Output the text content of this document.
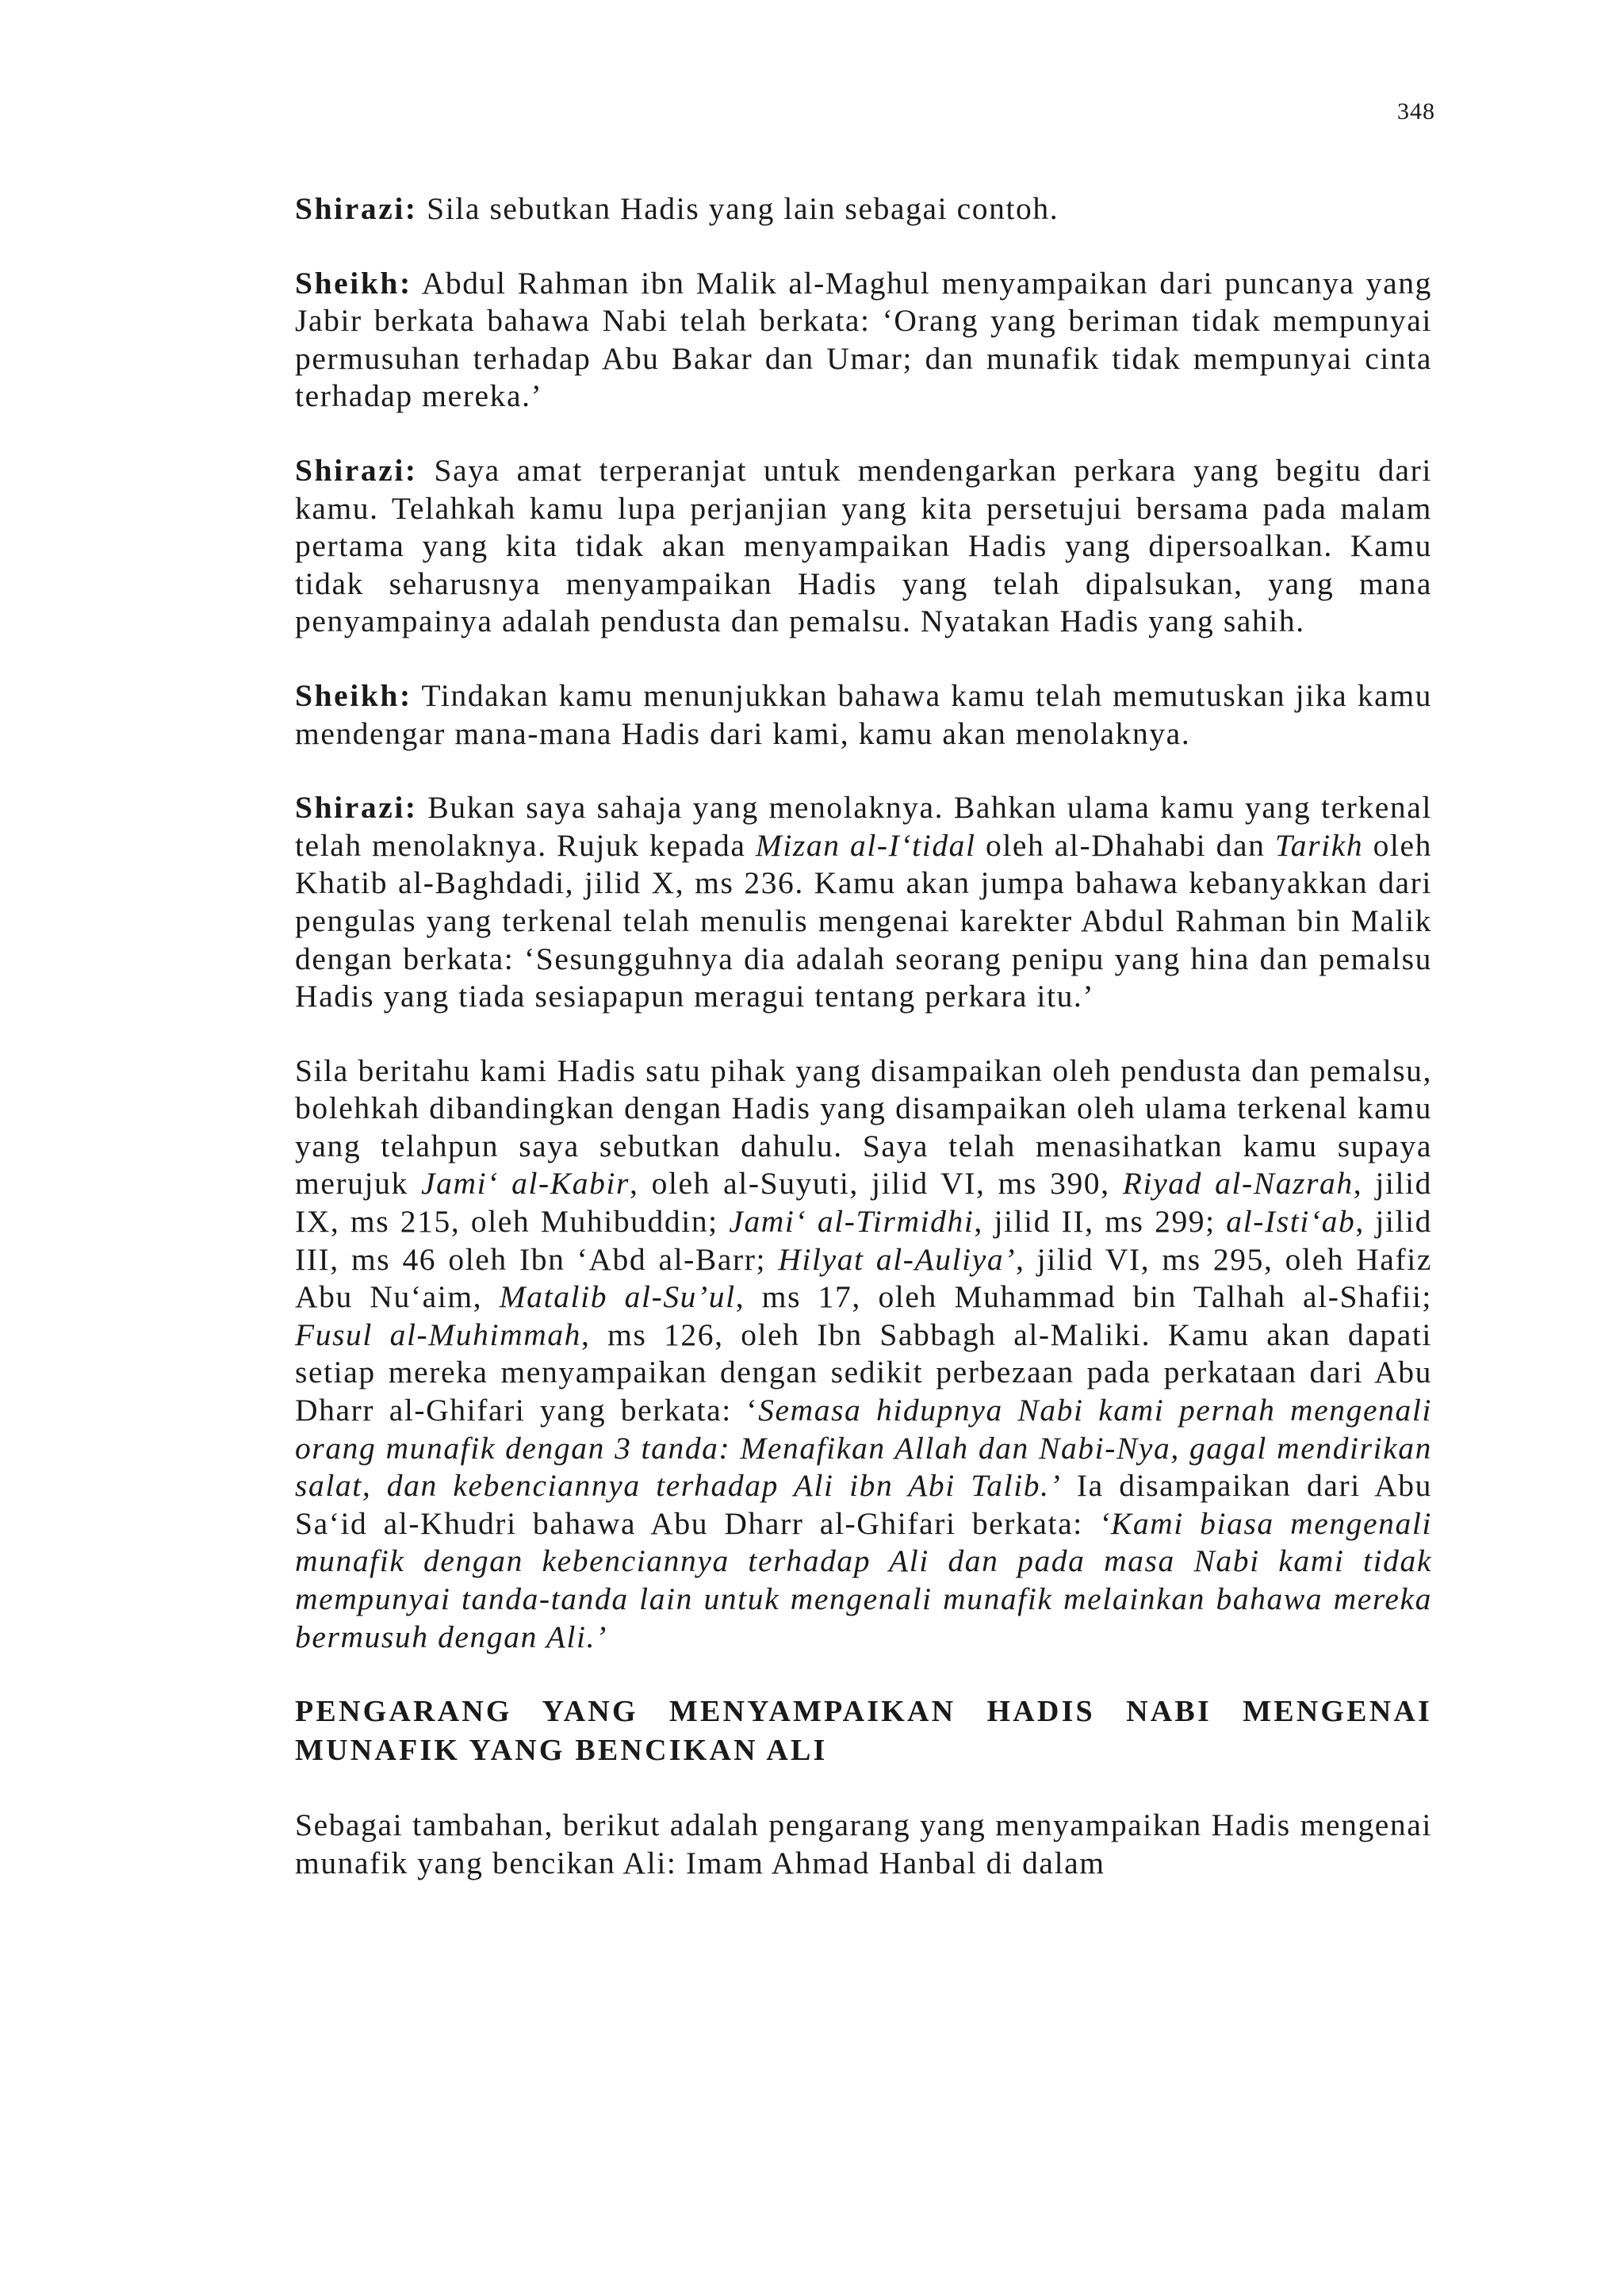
348

Shirazi: Sila sebutkan Hadis yang lain sebagai contoh.

Sheikh: Abdul Rahman ibn Malik al-Maghul menyampaikan dari puncanya yang Jabir berkata bahawa Nabi telah berkata: ‘Orang yang beriman tidak mempunyai permusuhan terhadap Abu Bakar dan Umar; dan munafik tidak mempunyai cinta terhadap mereka.’

Shirazi: Saya amat terperanjat untuk mendengarkan perkara yang begitu dari kamu. Telahkah kamu lupa perjanjian yang kita persetujui bersama pada malam pertama yang kita tidak akan menyampaikan Hadis yang dipersoalkan. Kamu tidak seharusnya menyampaikan Hadis yang telah dipalsukan, yang mana penyampainya adalah pendusta dan pemalsu. Nyatakan Hadis yang sahih.

Sheikh: Tindakan kamu menunjukkan bahawa kamu telah memutuskan jika kamu mendengar mana-mana Hadis dari kami, kamu akan menolaknya.

Shirazi: Bukan saya sahaja yang menolaknya. Bahkan ulama kamu yang terkenal telah menolaknya. Rujuk kepada Mizan al-I‘tidal oleh al-Dhahabi dan Tarikh oleh Khatib al-Baghdadi, jilid X, ms 236. Kamu akan jumpa bahawa kebanyakkan dari pengulas yang terkenal telah menulis mengenai karekter Abdul Rahman bin Malik dengan berkata: ‘Sesungguhnya dia adalah seorang penipu yang hina dan pemalsu Hadis yang tiada sesiapapun meragui tentang perkara itu.’

Sila beritahu kami Hadis satu pihak yang disampaikan oleh pendusta dan pemalsu, bolehkah dibandingkan dengan Hadis yang disampaikan oleh ulama terkenal kamu yang telahpun saya sebutkan dahulu. Saya telah menasihatkan kamu supaya merujuk Jami‘ al-Kabir, oleh al-Suyuti, jilid VI, ms 390, Riyad al-Nazrah, jilid IX, ms 215, oleh Muhibuddin; Jami‘ al-Tirmidhi, jilid II, ms 299; al-Isti‘ab, jilid III, ms 46 oleh Ibn ‘Abd al-Barr; Hilyat al-Auliya’, jilid VI, ms 295, oleh Hafiz Abu Nu‘aim, Matalib al-Su’ul, ms 17, oleh Muhammad bin Talhah al-Shafii; Fusul al-Muhimmah, ms 126, oleh Ibn Sabbagh al-Maliki. Kamu akan dapati setiap mereka menyampaikan dengan sedikit perbezaan pada perkataan dari Abu Dharr al-Ghifari yang berkata: ‘Semasa hidupnya Nabi kami pernah mengenali orang munafik dengan 3 tanda: Menafikan Allah dan Nabi-Nya, gagal mendirikan salat, dan kebenciannya terhadap Ali ibn Abi Talib.’ Ia disampaikan dari Abu Sa‘id al-Khudri bahawa Abu Dharr al-Ghifari berkata: ‘Kami biasa mengenali munafik dengan kebenciannya terhadap Ali dan pada masa Nabi kami tidak mempunyai tanda-tanda lain untuk mengenali munafik melainkan bahawa mereka bermusuh dengan Ali.’

PENGARANG YANG MENYAMPAIKAN HADIS NABI MENGENAI MUNAFIK YANG BENCIKAN ALI

Sebagai tambahan, berikut adalah pengarang yang menyampaikan Hadis mengenai munafik yang bencikan Ali: Imam Ahmad Hanbal di dalam
